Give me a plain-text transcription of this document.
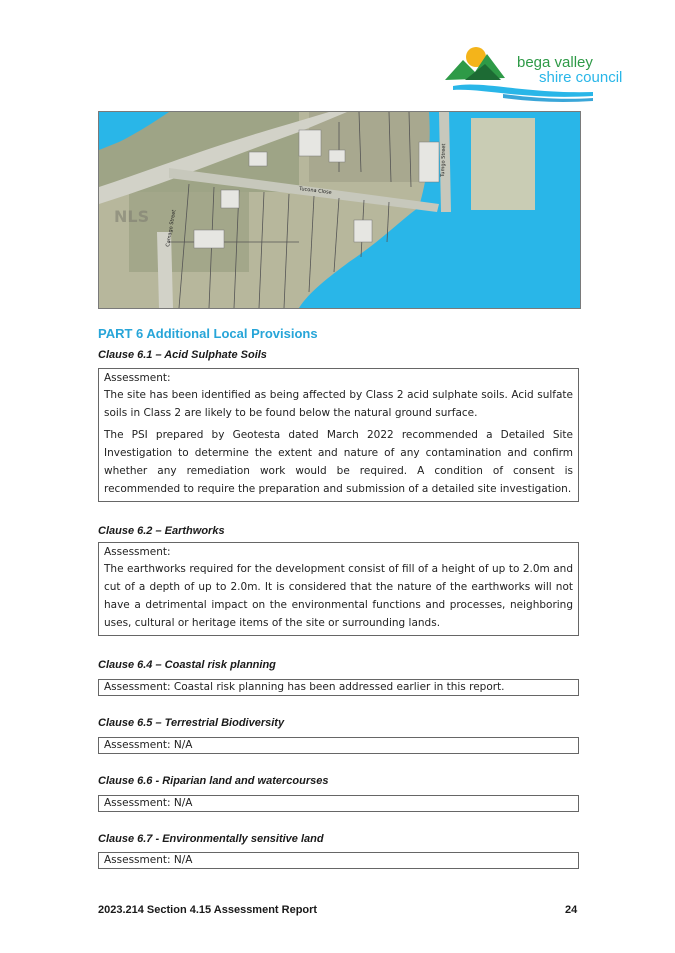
bega valley
shire council
NLS	Camago Street
Tucona Close
Tumgo Street
PART 6 Additional Local Provisions
Clause 6.1 – Acid Sulphate Soils
Assessment:

The site has been identified as being affected by Class 2 acid sulphate soils. Acid sulfate soils in Class 2 are likely to be found below the natural ground surface.

The PSI prepared by Geotesta dated March 2022 recommended a Detailed Site Investigation to determine the extent and nature of any contamination and confirm whether any remediation work would be required. A condition of consent is recommended to require the preparation and submission of a detailed site investigation.

Clause 6.2 – Earthworks
Assessment:

The earthworks required for the development consist of fill of a height of up to 2.0m and cut of a depth of up to 2.0m. It is considered that the nature of the earthworks will not have a detrimental impact on the environmental functions and processes, neighboring uses, cultural or heritage items of the site or surrounding lands.

Clause 6.4 – Coastal risk planning
Assessment: Coastal risk planning has been addressed earlier in this report.
Clause 6.5 – Terrestrial Biodiversity
Assessment: N/A
Clause 6.6 - Riparian land and watercourses
Assessment: N/A
Clause 6.7 - Environmentally sensitive land
Assessment: N/A
2023.214 Section 4.15 Assessment Report	24
